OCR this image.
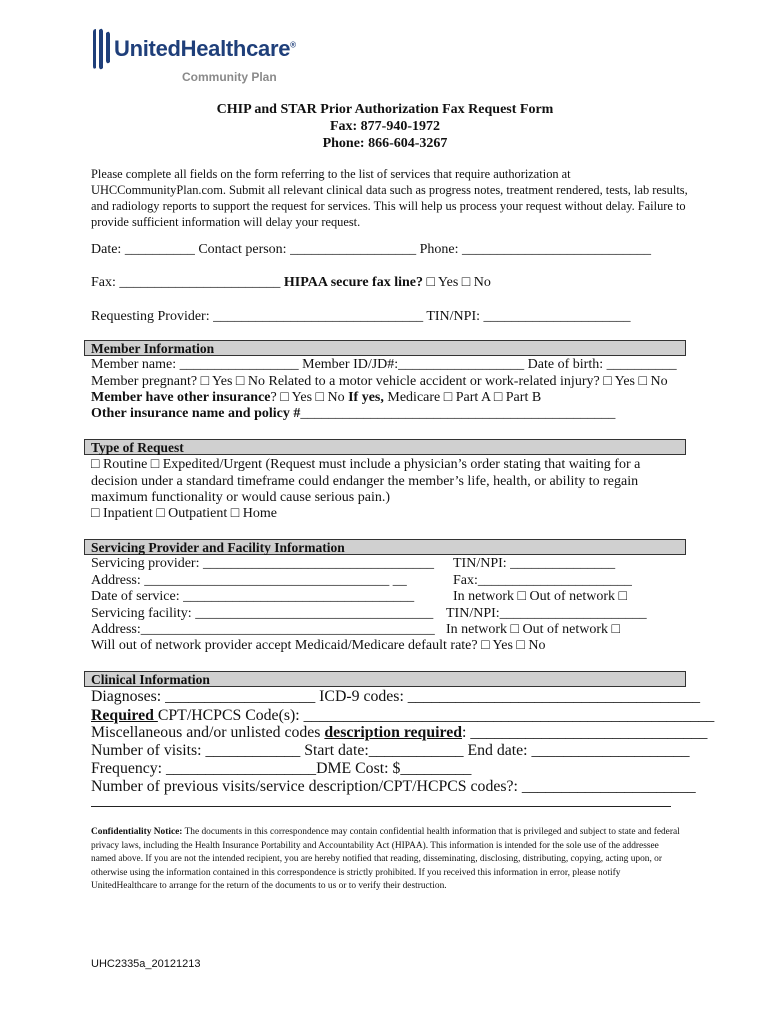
UnitedHealthcare®
Community Plan
CHIP and STAR Prior Authorization Fax Request Form
Fax: 877-940-1972
Phone: 866-604-3267
Please complete all fields on the form referring to the list of services that require authorization at UHCCommunityPlan.com. Submit all relevant clinical data such as progress notes, treatment rendered, tests, lab results, and radiology reports to support the request for services. This will help us process your request without delay. Failure to provide sufficient information will delay your request.
Date: __________ Contact person: __________________ Phone: ___________________________
Fax: _______________________ HIPAA secure fax line? □ Yes □ No
Requesting Provider: ______________________________ TIN/NPI: _____________________
Member Information
Member name: _________________ Member ID/JD#:__________________ Date of birth: __________
Member pregnant? □ Yes □ No Related to a motor vehicle accident or work-related injury? □ Yes □ No
Member have other insurance? □ Yes □ No If yes, Medicare □ Part A □ Part B
Other insurance name and policy #_____________________________________________
Type of Request
□ Routine □ Expedited/Urgent (Request must include a physician’s order stating that waiting for a
decision under a standard timeframe could endanger the member’s life, health, or ability to regain
maximum functionality or would cause serious pain.)
□ Inpatient □ Outpatient □ Home
Servicing Provider and Facility Information
Servicing provider: _________________________________ TIN/NPI: _______________
Address: ___________________________________ __	Fax:______________________
Date of service: _________________________________	In network □ Out of network □
Servicing facility: __________________________________ TIN/NPI:_____________________
Address:__________________________________________ In network □ Out of network □
Will out of network provider accept Medicaid/Medicare default rate? □ Yes □ No
Clinical Information
Diagnoses: ___________________ ICD-9 codes: _____________________________________
Required CPT/HCPCS Code(s): ____________________________________________________
Miscellaneous and/or unlisted codes description required: ______________________________
Number of visits: ____________ Start date:____________ End date: ____________________
Frequency: ___________________DME Cost: $_________
Number of previous visits/service description/CPT/HCPCS codes?: ______________________
Confidentiality Notice: The documents in this correspondence may contain confidential health information that is privileged and subject to state and federal privacy laws, including the Health Insurance Portability and Accountability Act (HIPAA). This information is intended for the sole use of the addressee named above. If you are not the intended recipient, you are hereby notified that reading, disseminating, disclosing, distributing, copying, acting upon, or otherwise using the information contained in this correspondence is strictly prohibited. If you received this information in error, please notify UnitedHealthcare to arrange for the return of the documents to us or to verify their destruction.
UHC2335a_20121213
